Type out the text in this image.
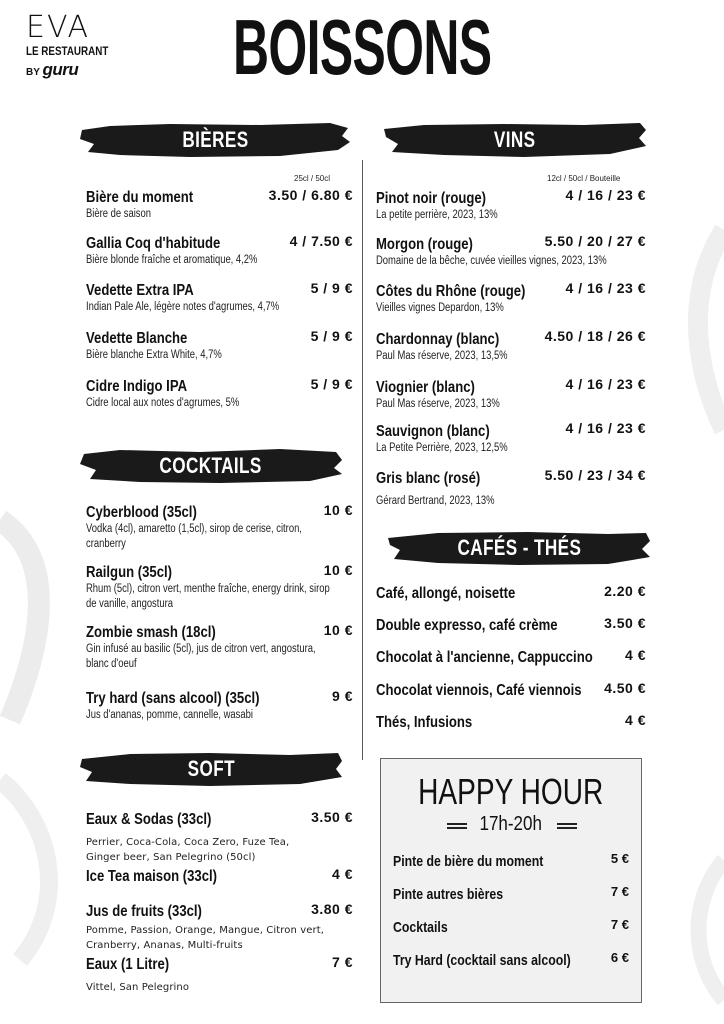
EVA
LE RESTAURANT
BY guru BOISSONS
BIÈRES
25cl / 50cl
Bière du moment
Bière de saison
3.50 / 6.80 €
Gallia Coq d'habitude
Bière blonde fraîche et aromatique, 4,2%
4 / 7.50 €
Vedette Extra IPA
Indian Pale Ale, légère notes d'agrumes, 4,7%
5 / 9 €
Vedette Blanche
Bière blanche Extra White, 4,7%
5 / 9 €
Cidre Indigo IPA
Cidre local aux notes d'agrumes, 5%
5 / 9 €
COCKTAILS
Cyberblood (35cl)
Vodka (4cl), amaretto (1,5cl), sirop de cerise, citron,
cranberry
10 €
Railgun (35cl)
Rhum (5cl), citron vert, menthe fraîche, energy drink, sirop
de vanille, angostura
10 €
Zombie smash (18cl)
Gin infusé au basilic (5cl), jus de citron vert, angostura,
blanc d'oeuf
10 €
Try hard (sans alcool) (35cl)
Jus d'ananas, pomme, cannelle, wasabi
9 €
SOFT
Eaux & Sodas (33cl)
Perrier, Coca-Cola, Coca Zero, Fuze Tea,
Ginger beer, San Pelegrino (50cl)
3.50 €
Ice Tea maison (33cl)	4 €
Jus de fruits (33cl)
Pomme, Passion, Orange, Mangue, Citron vert,
Cranberry, Ananas, Multi-fruits
3.80 €
Eaux (1 Litre)
Vittel, San Pelegrino
7 €
VINS
12cl / 50cl / Bouteille
Pinot noir (rouge)
La petite perrière, 2023, 13%
4 / 16 / 23 €
Morgon (rouge)
Domaine de la bêche, cuvée vieilles vignes, 2023, 13%
5.50 / 20 / 27 €
Côtes du Rhône (rouge)
Vieilles vignes Depardon, 13%
4 / 16 / 23 €
Chardonnay (blanc)
Paul Mas réserve, 2023, 13,5%
4.50 / 18 / 26 €
Viognier (blanc)
Paul Mas réserve, 2023, 13%
4 / 16 / 23 €
Sauvignon (blanc)
La Petite Perrière, 2023, 12,5%
4 / 16 / 23 €
Gris blanc (rosé)
Gérard Bertrand, 2023, 13%
5.50 / 23 / 34 €
CAFÉS - THÉS
Café, allongé, noisette	2.20 €
Double expresso, café crème	3.50 €
Chocolat à l'ancienne, Cappuccino	4 €
Chocolat viennois, Café viennois	4.50 €
Thés, Infusions	4 €
HAPPY HOUR
17h-20h
Pinte de bière du moment	5 €
Pinte autres bières	7 €
Cocktails	7 €
Try Hard (cocktail sans alcool)	6 €
